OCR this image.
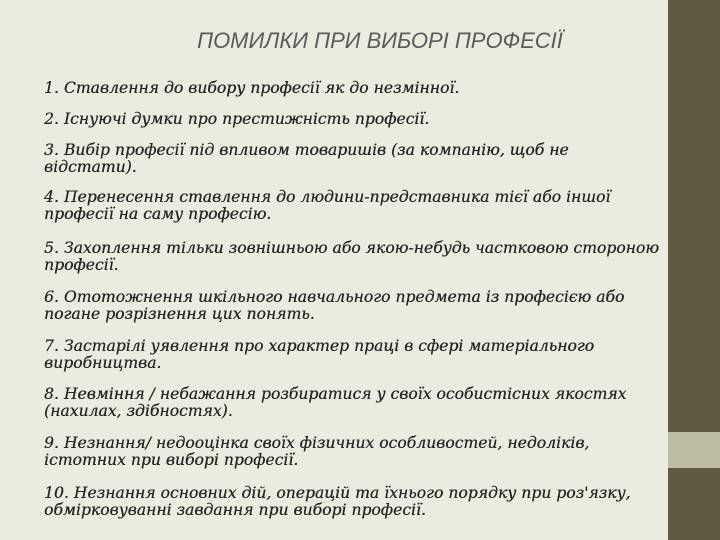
ПОМИЛКИ ПРИ ВИБОРІ ПРОФЕСІЇ
1. Ставлення до вибору професії як до незмінної.
2. Існуючі думки про престижність професії.
3. Вибір професії під впливом товаришів (за компанію, щоб не відстати).
4. Перенесення ставлення до людини-представника тієї або іншої професії на саму професію.
5. Захоплення тільки зовнішньою або якою-небудь частковою стороною професії.
6. Ототожнення шкільного навчального предмета із професією або погане розрізнення цих понять.
7. Застарілі уявлення про характер праці в сфері матеріального виробництва.
8. Невміння / небажання розбиратися у своїх особистісних якостях (нахилах, здібностях).
9. Незнання/ недооцінка своїх фізичних особливостей, недоліків, істотних при виборі професії.
10. Незнання основних дій, операцій та їхнього порядку при роз'язку, обмірковуванні завдання при виборі професії.
